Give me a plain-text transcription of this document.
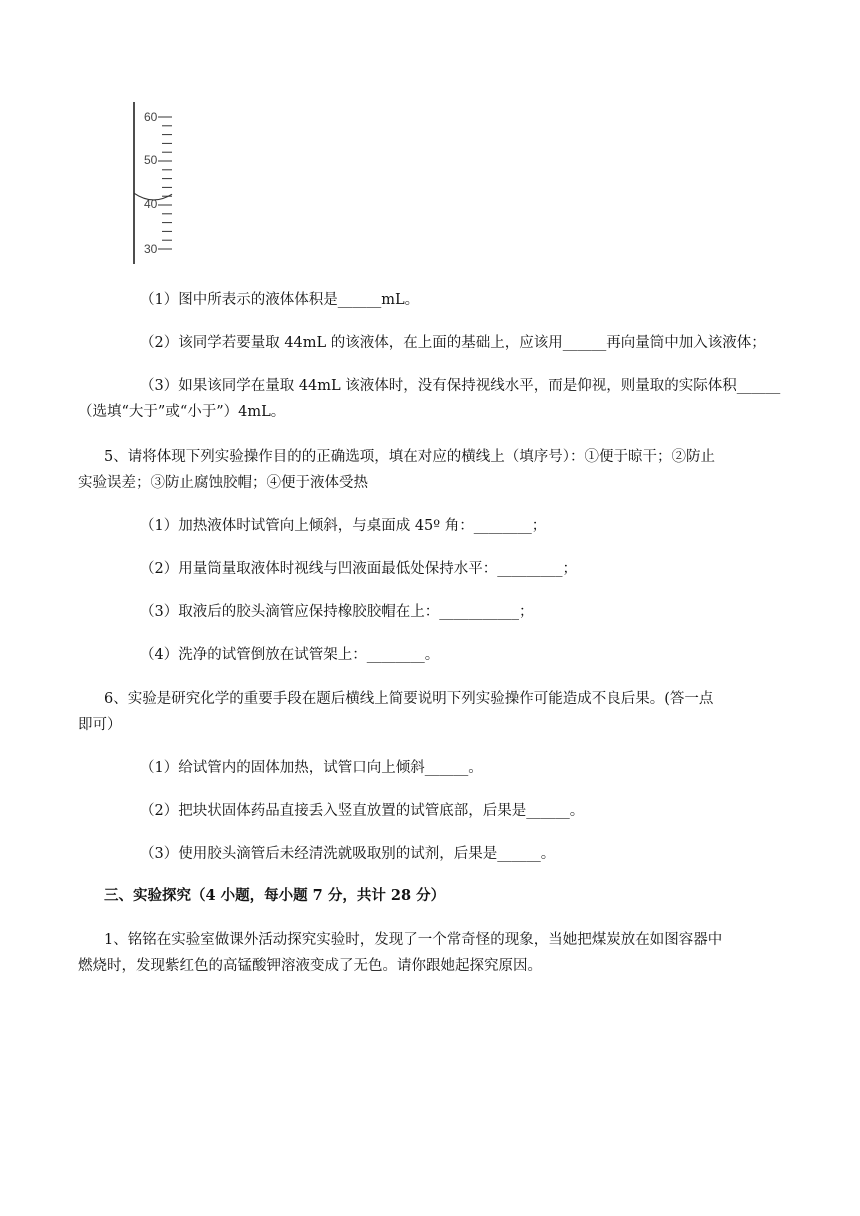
60
50
40
30
（1）图中所表示的液体体积是______mL。
（2）该同学若要量取 44mL 的该液体，在上面的基础上，应该用______再向量筒中加入该液体；
（3）如果该同学在量取 44mL 该液体时，没有保持视线水平，而是仰视，则量取的实际体积______
（选填“大于”或“小于”）4mL。
5、请将体现下列实验操作目的的正确选项，填在对应的横线上（填序号）：①便于晾干；②防止
实验误差；③防止腐蚀胶帽；④便于液体受热
（1）加热液体时试管向上倾斜，与桌面成 45º 角：________；
（2）用量筒量取液体时视线与凹液面最低处保持水平：_________；
（3）取液后的胶头滴管应保持橡胶胶帽在上：___________；
（4）洗净的试管倒放在试管架上：________。
6、实验是研究化学的重要手段在题后横线上简要说明下列实验操作可能造成不良后果。(答一点
即可）
（1）给试管内的固体加热，试管口向上倾斜______。
（2）把块状固体药品直接丢入竖直放置的试管底部，后果是______。
（3）使用胶头滴管后未经清洗就吸取别的试剂，后果是______。
三、实验探究（4 小题，每小题 7 分，共计 28 分）
1、铭铭在实验室做课外活动探究实验时，发现了一个常奇怪的现象，当她把煤炭放在如图容器中
燃烧时，发现紫红色的高锰酸钾溶液变成了无色。请你跟她起探究原因。
